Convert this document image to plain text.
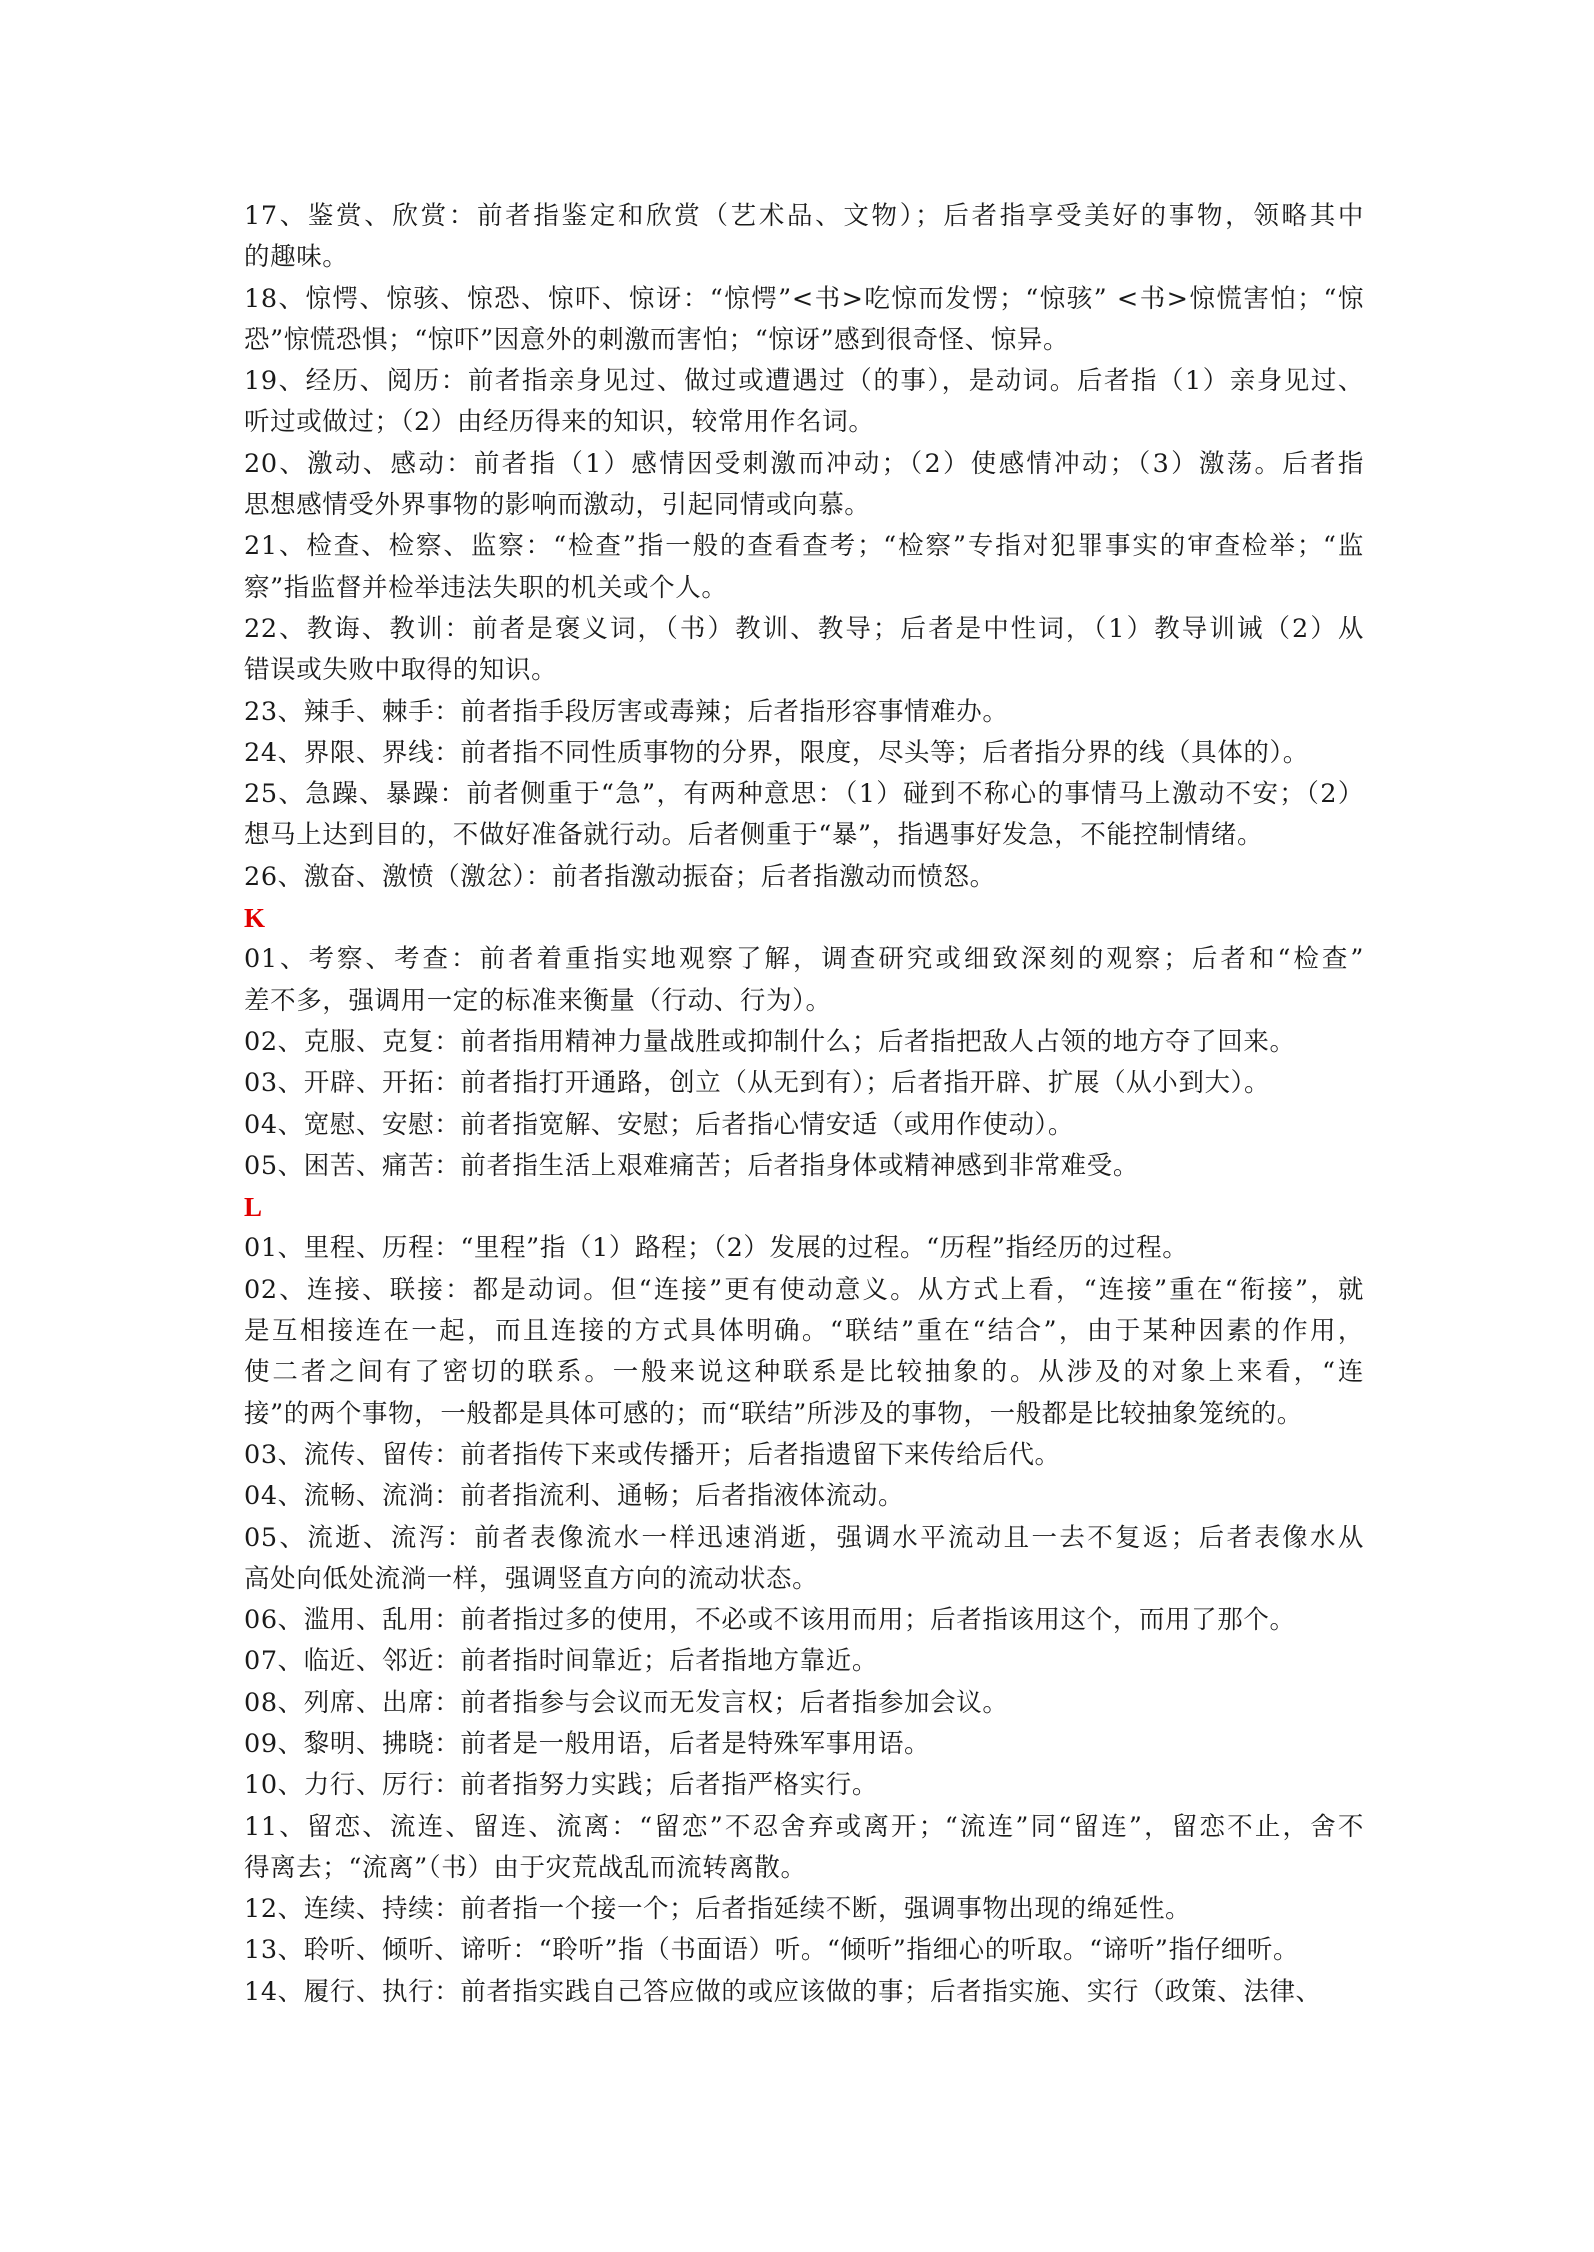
17、鉴赏、欣赏：前者指鉴定和欣赏（艺术品、文物）；后者指享受美好的事物，领略其中
的趣味。
18、惊愕、惊骇、惊恐、惊吓、惊讶：“惊愕”<书>吃惊而发愣；“惊骇” <书>惊慌害怕；“惊
恐”惊慌恐惧；“惊吓”因意外的刺激而害怕；“惊讶”感到很奇怪、惊异。
19、经历、阅历：前者指亲身见过、做过或遭遇过（的事），是动词。后者指（1）亲身见过、
听过或做过；（2）由经历得来的知识，较常用作名词。
20、激动、感动：前者指（1）感情因受刺激而冲动；（2）使感情冲动；（3）激荡。后者指
思想感情受外界事物的影响而激动，引起同情或向慕。
21、检查、检察、监察：“检查”指一般的查看查考；“检察”专指对犯罪事实的审查检举；“监
察”指监督并检举违法失职的机关或个人。
22、教诲、教训：前者是褒义词，（书）教训、教导；后者是中性词，（1）教导训诫（2）从
错误或失败中取得的知识。
23、辣手、棘手：前者指手段厉害或毒辣；后者指形容事情难办。
24、界限、界线：前者指不同性质事物的分界，限度，尽头等；后者指分界的线（具体的）。
25、急躁、暴躁：前者侧重于“急”，有两种意思：（1）碰到不称心的事情马上激动不安；（2）
想马上达到目的，不做好准备就行动。后者侧重于“暴”，指遇事好发急，不能控制情绪。
26、激奋、激愤（激忿）：前者指激动振奋；后者指激动而愤怒。
K
01、考察、考查：前者着重指实地观察了解，调查研究或细致深刻的观察；后者和“检查”
差不多，强调用一定的标准来衡量（行动、行为）。
02、克服、克复：前者指用精神力量战胜或抑制什么；后者指把敌人占领的地方夺了回来。
03、开辟、开拓：前者指打开通路，创立（从无到有）；后者指开辟、扩展（从小到大）。
04、宽慰、安慰：前者指宽解、安慰；后者指心情安适（或用作使动）。
05、困苦、痛苦：前者指生活上艰难痛苦；后者指身体或精神感到非常难受。
L
01、里程、历程：“里程”指（1）路程；（2）发展的过程。“历程”指经历的过程。
02、连接、联接：都是动词。但“连接”更有使动意义。从方式上看，“连接”重在“衔接”，就
是互相接连在一起，而且连接的方式具体明确。“联结”重在“结合”，由于某种因素的作用，
使二者之间有了密切的联系。一般来说这种联系是比较抽象的。从涉及的对象上来看，“连
接”的两个事物，一般都是具体可感的；而“联结”所涉及的事物，一般都是比较抽象笼统的。
03、流传、留传：前者指传下来或传播开；后者指遗留下来传给后代。
04、流畅、流淌：前者指流利、通畅；后者指液体流动。
05、流逝、流泻：前者表像流水一样迅速消逝，强调水平流动且一去不复返；后者表像水从
高处向低处流淌一样，强调竖直方向的流动状态。
06、滥用、乱用：前者指过多的使用，不必或不该用而用；后者指该用这个，而用了那个。
07、临近、邻近：前者指时间靠近；后者指地方靠近。
08、列席、出席：前者指参与会议而无发言权；后者指参加会议。
09、黎明、拂晓：前者是一般用语，后者是特殊军事用语。
10、力行、厉行：前者指努力实践；后者指严格实行。
11、留恋、流连、留连、流离：“留恋”不忍舍弃或离开；“流连”同“留连”，留恋不止，舍不
得离去；“流离”（书）由于灾荒战乱而流转离散。
12、连续、持续：前者指一个接一个；后者指延续不断，强调事物出现的绵延性。
13、聆听、倾听、谛听：“聆听”指（书面语）听。“倾听”指细心的听取。“谛听”指仔细听。
14、履行、执行：前者指实践自己答应做的或应该做的事；后者指实施、实行（政策、法律、
